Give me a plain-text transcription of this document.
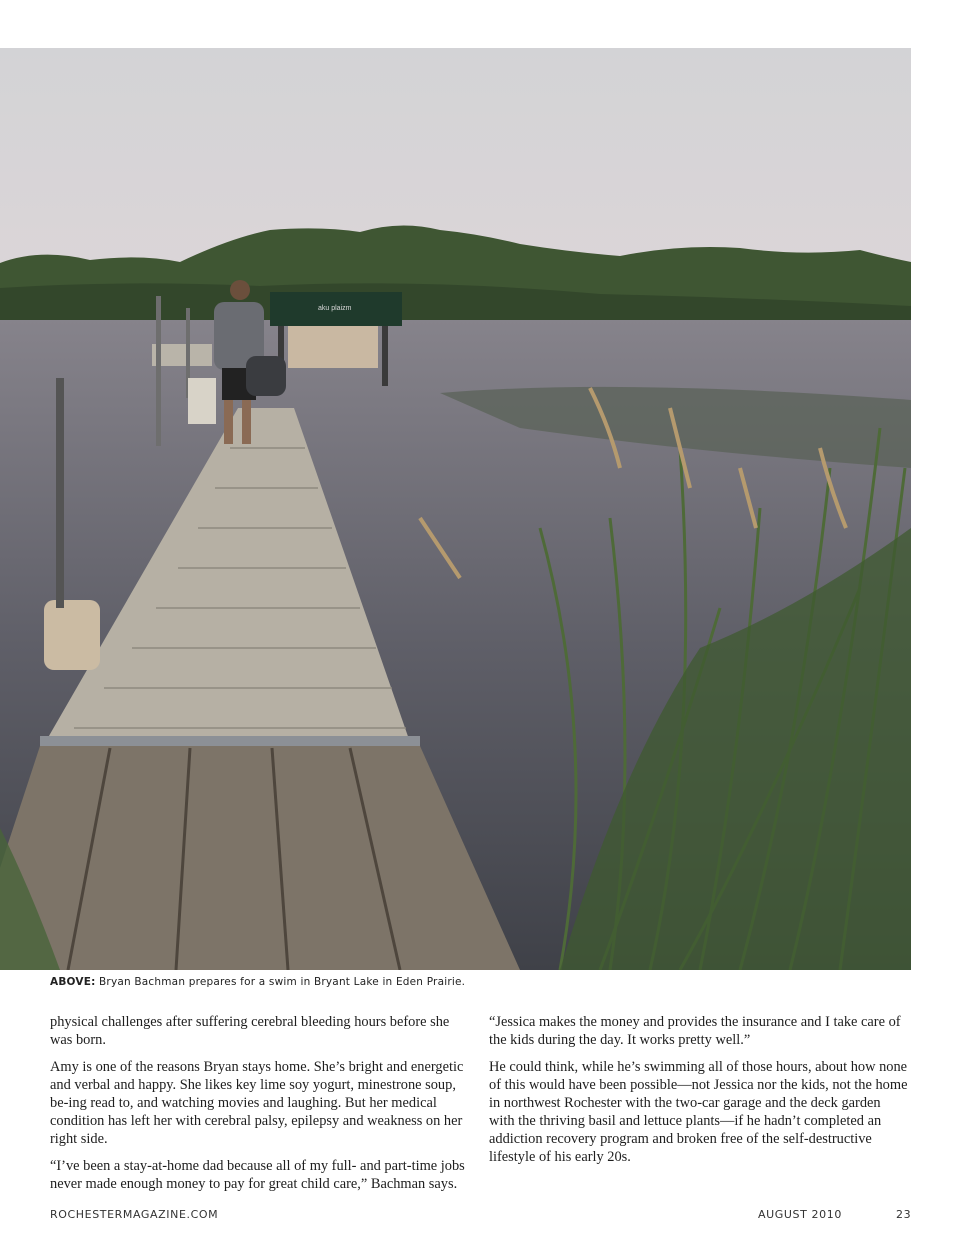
aku plaizm
ABOVE: Bryan Bachman prepares for a swim in Bryant Lake in Eden Prairie.

physical challenges after suffering cerebral bleeding hours before she was born.

Amy is one of the reasons Bryan stays home. She’s bright and energetic and verbal and happy. She likes key lime soy yogurt, minestrone soup, be-ing read to, and watching movies and laughing. But her medical condition has left her with cerebral palsy, epilepsy and weakness on her right side.

“I’ve been a stay-at-home dad because all of my full- and part-time jobs never made enough money to pay for great child care,” Bachman says.

“Jessica makes the money and provides the insurance and I take care of the kids during the day. It works pretty well.”

He could think, while he’s swimming all of those hours, about how none of this would have been possible—not Jessica nor the kids, not the home in northwest Rochester with the two-car garage and the deck garden with the thriving basil and lettuce plants—if he hadn’t completed an addiction recovery program and broken free of the self-destructive lifestyle of his early 20s.

ROCHESTERMAGAZINE.COM	AUGUST 2010	23
